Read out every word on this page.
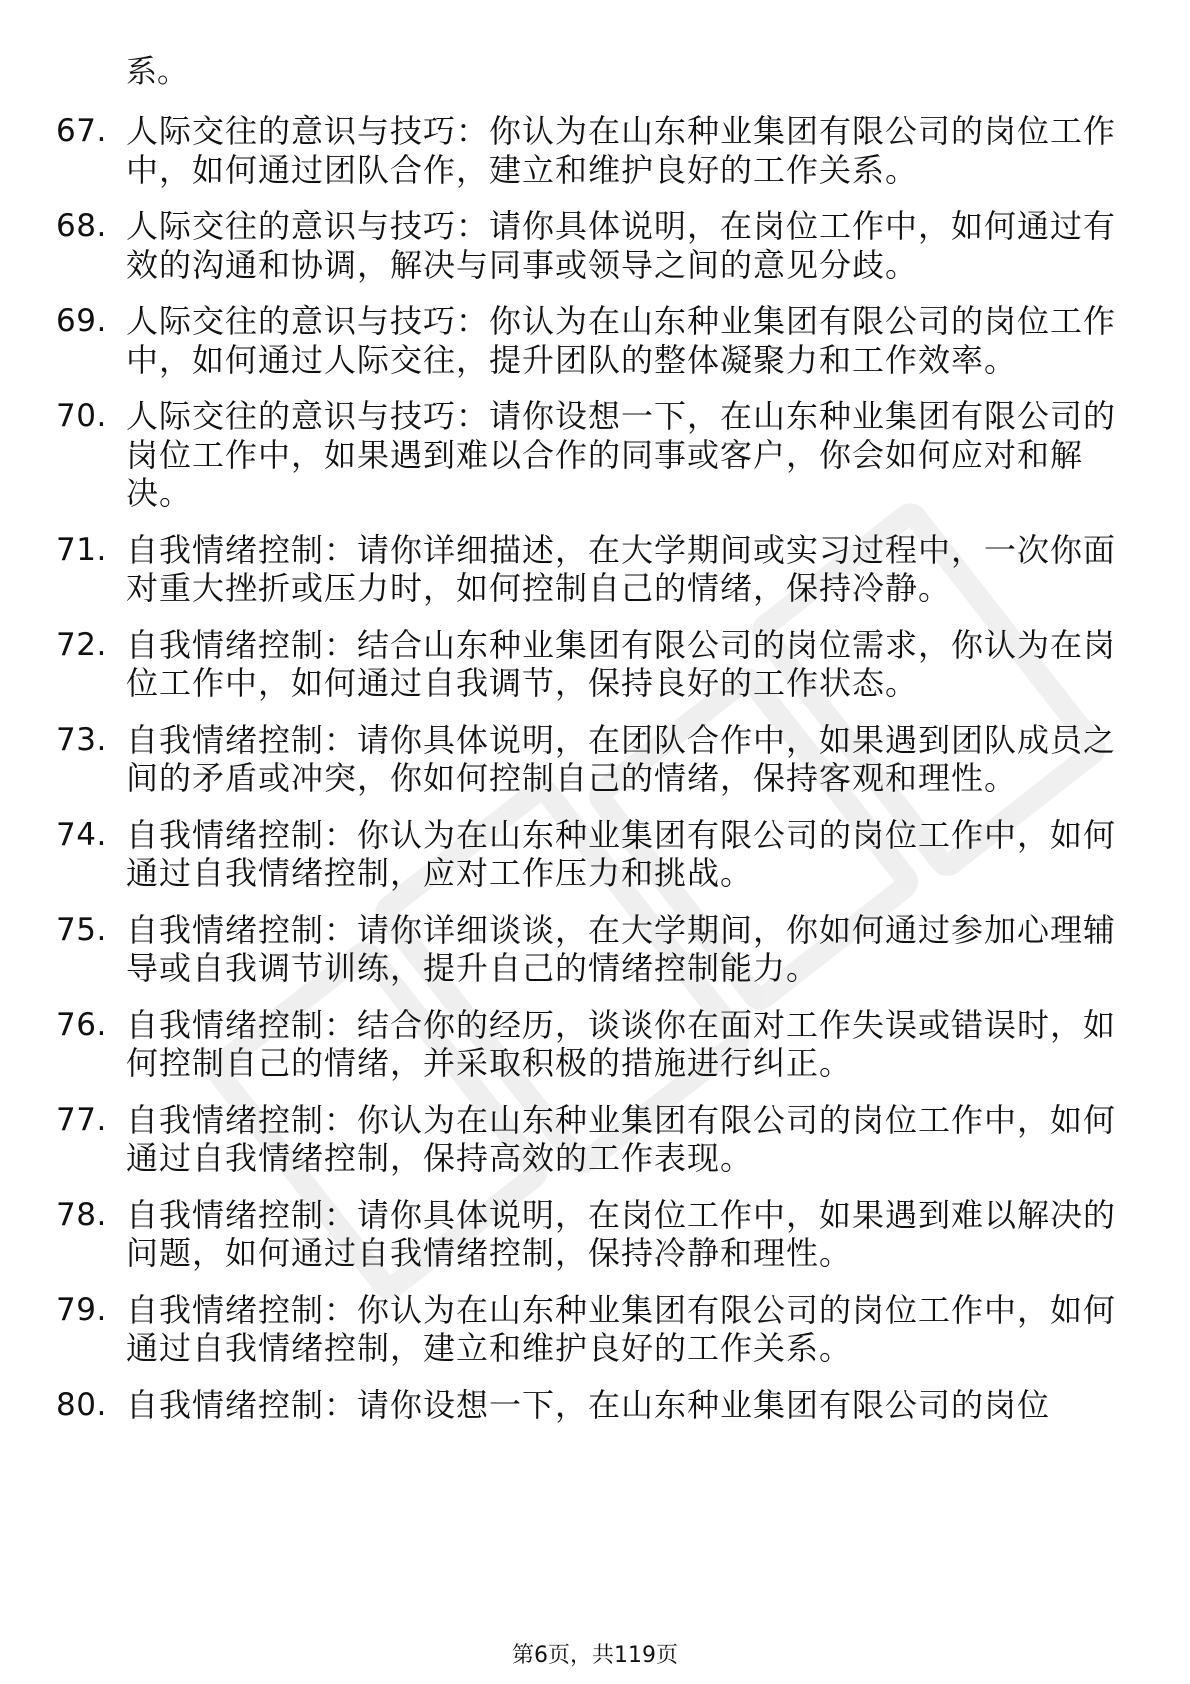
系。

67. 人际交往的意识与技巧：你认为在山东种业集团有限公司的岗位工作中，如何通过团队合作，建立和维护良好的工作关系。
68. 人际交往的意识与技巧：请你具体说明，在岗位工作中，如何通过有效的沟通和协调，解决与同事或领导之间的意见分歧。
69. 人际交往的意识与技巧：你认为在山东种业集团有限公司的岗位工作中，如何通过人际交往，提升团队的整体凝聚力和工作效率。
70. 人际交往的意识与技巧：请你设想一下，在山东种业集团有限公司的岗位工作中，如果遇到难以合作的同事或客户，你会如何应对和解决。
71. 自我情绪控制：请你详细描述，在大学期间或实习过程中，一次你面对重大挫折或压力时，如何控制自己的情绪，保持冷静。
72. 自我情绪控制：结合山东种业集团有限公司的岗位需求，你认为在岗位工作中，如何通过自我调节，保持良好的工作状态。
73. 自我情绪控制：请你具体说明，在团队合作中，如果遇到团队成员之间的矛盾或冲突，你如何控制自己的情绪，保持客观和理性。
74. 自我情绪控制：你认为在山东种业集团有限公司的岗位工作中，如何通过自我情绪控制，应对工作压力和挑战。
75. 自我情绪控制：请你详细谈谈，在大学期间，你如何通过参加心理辅导或自我调节训练，提升自己的情绪控制能力。
76. 自我情绪控制：结合你的经历，谈谈你在面对工作失误或错误时，如何控制自己的情绪，并采取积极的措施进行纠正。
77. 自我情绪控制：你认为在山东种业集团有限公司的岗位工作中，如何通过自我情绪控制，保持高效的工作表现。
78. 自我情绪控制：请你具体说明，在岗位工作中，如果遇到难以解决的问题，如何通过自我情绪控制，保持冷静和理性。
79. 自我情绪控制：你认为在山东种业集团有限公司的岗位工作中，如何通过自我情绪控制，建立和维护良好的工作关系。
80. 自我情绪控制：请你设想一下，在山东种业集团有限公司的岗位
第6页，共119页
